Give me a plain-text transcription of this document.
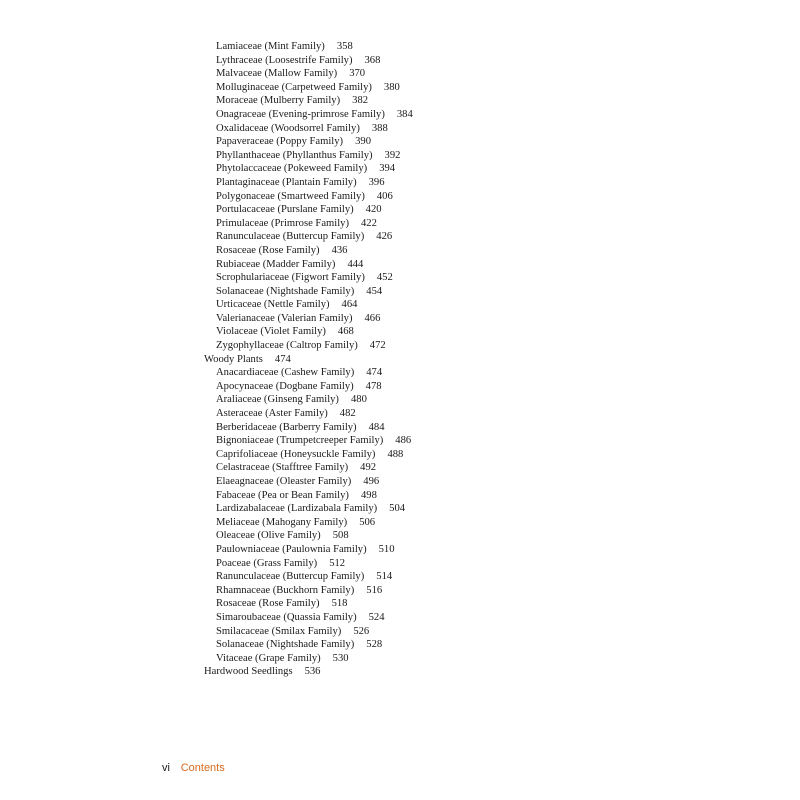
Lamiaceae (Mint Family) 358
Lythraceae (Loosestrife Family) 368
Malvaceae (Mallow Family) 370
Molluginaceae (Carpetweed Family) 380
Moraceae (Mulberry Family) 382
Onagraceae (Evening-primrose Family) 384
Oxalidaceae (Woodsorrel Family) 388
Papaveraceae (Poppy Family) 390
Phyllanthaceae (Phyllanthus Family) 392
Phytolaccaceae (Pokeweed Family) 394
Plantaginaceae (Plantain Family) 396
Polygonaceae (Smartweed Family) 406
Portulacaceae (Purslane Family) 420
Primulaceae (Primrose Family) 422
Ranunculaceae (Buttercup Family) 426
Rosaceae (Rose Family) 436
Rubiaceae (Madder Family) 444
Scrophulariaceae (Figwort Family) 452
Solanaceae (Nightshade Family) 454
Urticaceae (Nettle Family) 464
Valerianaceae (Valerian Family) 466
Violaceae (Violet Family) 468
Zygophyllaceae (Caltrop Family) 472
Woody Plants 474
Anacardiaceae (Cashew Family) 474
Apocynaceae (Dogbane Family) 478
Araliaceae (Ginseng Family) 480
Asteraceae (Aster Family) 482
Berberidaceae (Barberry Family) 484
Bignoniaceae (Trumpetcreeper Family) 486
Caprifoliaceae (Honeysuckle Family) 488
Celastraceae (Stafftree Family) 492
Elaeagnaceae (Oleaster Family) 496
Fabaceae (Pea or Bean Family) 498
Lardizabalaceae (Lardizabala Family) 504
Meliaceae (Mahogany Family) 506
Oleaceae (Olive Family) 508
Paulowniaceae (Paulownia Family) 510
Poaceae (Grass Family) 512
Ranunculaceae (Buttercup Family) 514
Rhamnaceae (Buckhorn Family) 516
Rosaceae (Rose Family) 518
Simaroubaceae (Quassia Family) 524
Smilacaceae (Smilax Family) 526
Solanaceae (Nightshade Family) 528
Vitaceae (Grape Family) 530
Hardwood Seedlings 536
vi Contents
